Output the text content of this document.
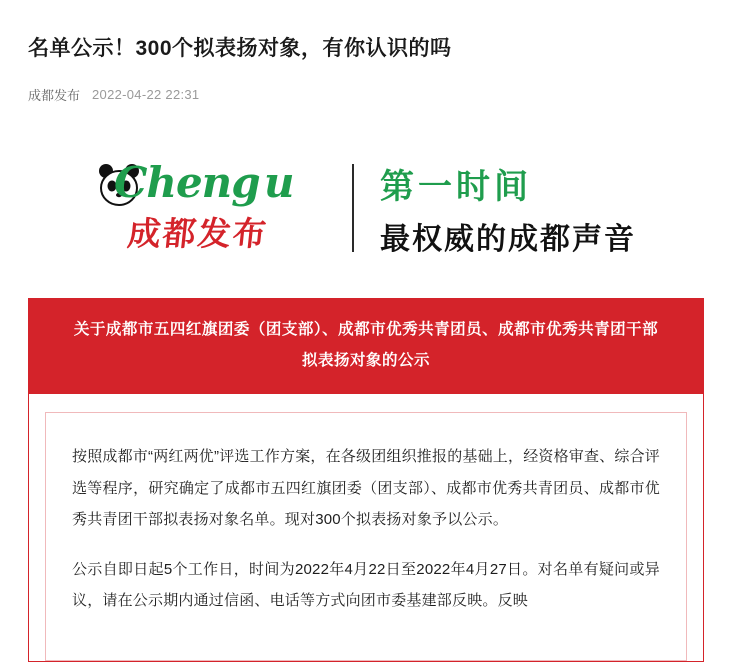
名单公示！300个拟表扬对象，有你认识的吗
成都发布 2022-04-22 22:31
Cheng u
成都发布
第一时间
最权威的成都声音
关于成都市五四红旗团委（团支部）、成都市优秀共青团员、成都市优秀共青团干部拟表扬对象的公示

按照成都市“两红两优”评选工作方案，在各级团组织推报的基础上，经资格审查、综合评选等程序，研究确定了成都市五四红旗团委（团支部）、成都市优秀共青团员、成都市优秀共青团干部拟表扬对象名单。现对300个拟表扬对象予以公示。

公示自即日起5个工作日，时间为2022年4月22日至2022年4月27日。对名单有疑问或异议，请在公示期内通过信函、电话等方式向团市委基建部反映。反映
